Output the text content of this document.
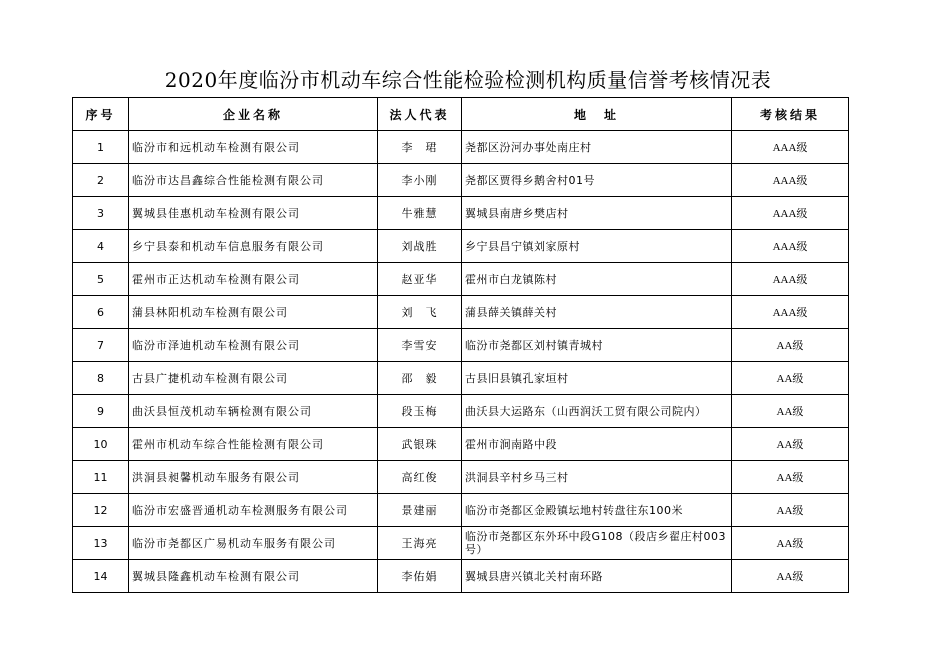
2020年度临汾市机动车综合性能检验检测机构质量信誉考核情况表
序号	企业名称	法人代表	地　址	考核结果
1	临汾市和远机动车检测有限公司	李　珺	尧都区汾河办事处南庄村	AAA级
2	临汾市达昌鑫综合性能检测有限公司	李小刚	尧都区贾得乡鹅舍村01号	AAA级
3	翼城县佳惠机动车检测有限公司	牛雅慧	翼城县南唐乡樊店村	AAA级
4	乡宁县泰和机动车信息服务有限公司	刘战胜	乡宁县昌宁镇刘家原村	AAA级
5	霍州市正达机动车检测有限公司	赵亚华	霍州市白龙镇陈村	AAA级
6	蒲县林阳机动车检测有限公司	刘　飞	蒲县薛关镇薛关村	AAA级
7	临汾市泽迪机动车检测有限公司	李雪安	临汾市尧都区刘村镇青城村	AA级
8	古县广捷机动车检测有限公司	邵　毅	古县旧县镇孔家垣村	AA级
9	曲沃县恒茂机动车辆检测有限公司	段玉梅	曲沃县大运路东（山西润沃工贸有限公司院内）	AA级
10	霍州市机动车综合性能检测有限公司	武银珠	霍州市涧南路中段	AA级
11	洪洞县昶馨机动车服务有限公司	高红俊	洪洞县辛村乡马三村	AA级
12	临汾市宏盛晋通机动车检测服务有限公司	景建丽	临汾市尧都区金殿镇坛地村转盘往东100米	AA级
13	临汾市尧都区广易机动车服务有限公司	王海亮	临汾市尧都区东外环中段G108（段店乡翟庄村003号）	AA级
14	翼城县隆鑫机动车检测有限公司	李佑娟	翼城县唐兴镇北关村南环路	AA级
